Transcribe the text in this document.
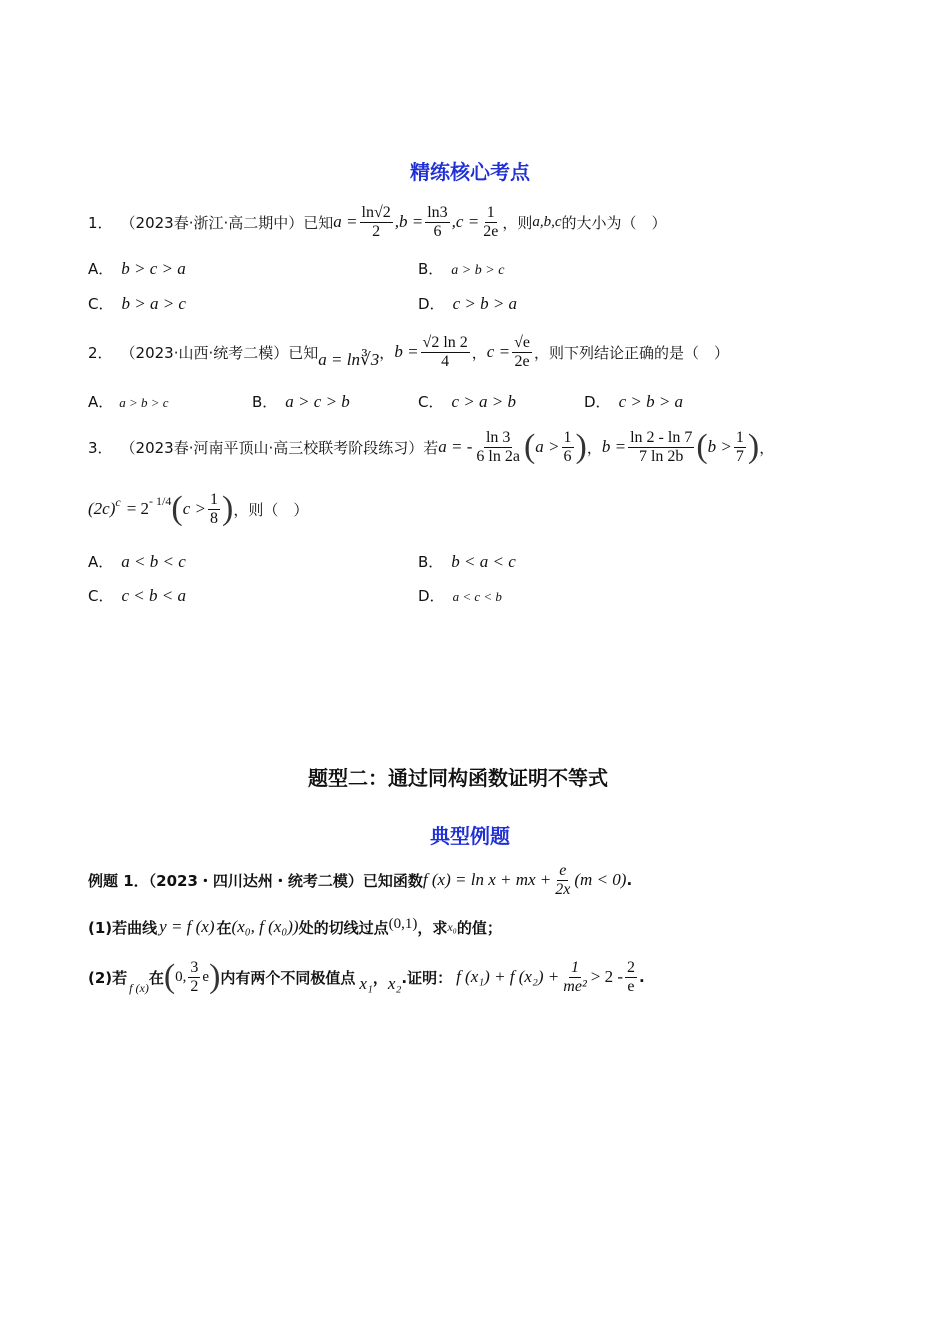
精练核心考点
1． （2023春·浙江·高二期中）已知 $a = \frac{\ln√2}{2} ,b = \frac{\ln 3}{6} ,c = \frac{1}{2e}$ ，则 a,b,c 的大小为（　）
A． b > c > a	B． a > b > c
C． b > a > c	D． c > b > a
2． （2023·山西·统考二模）已知 a = ln∛3 ， $b = \frac{√2 \ln 2}{4}$ ， $c = \frac{√e}{2e}$ ，则下列结论正确的是（　）
A． a > b > c	B． a > c > b	C． c > a > b	D． c > b > a
3． （2023春·河南平顶山·高三校联考阶段练习）若 a = - $\frac{\ln 3}{6 \ln 2a}$ ( $a > \frac{1}{6}$ ) ， $b = \frac{\ln 2 - \ln 7}{7 \ln 2b}$ ( $b > \frac{1}{7}$ ) ，
(2c) c = 2 - 1/4 ( $c > \frac{1}{8}$ ) ，则（　）
A． a < b < c	B． b < a < c
C． c < b < a	D． a < c < b
题型二：通过同构函数证明不等式
典型例题
例题 1．（2023・四川达州・统考二模）已知函数 f (x) = ln x + mx + $\frac{e}{2x} (m < 0)$ .
(1)若曲线 y = f (x) 在 (x₀, f (x₀)) 处的切线过点 (0,1) ，求 x₀ 的值；
(2)若
f (x)
在 ( 0, $\frac{3}{2}$ e ) 内有两个不同极值点 x₁ ， x₂ .证明： f (x₁) + f $(x_2) + \frac{1}{\text{me²}} > 2 - \frac{2}{e}$ .
